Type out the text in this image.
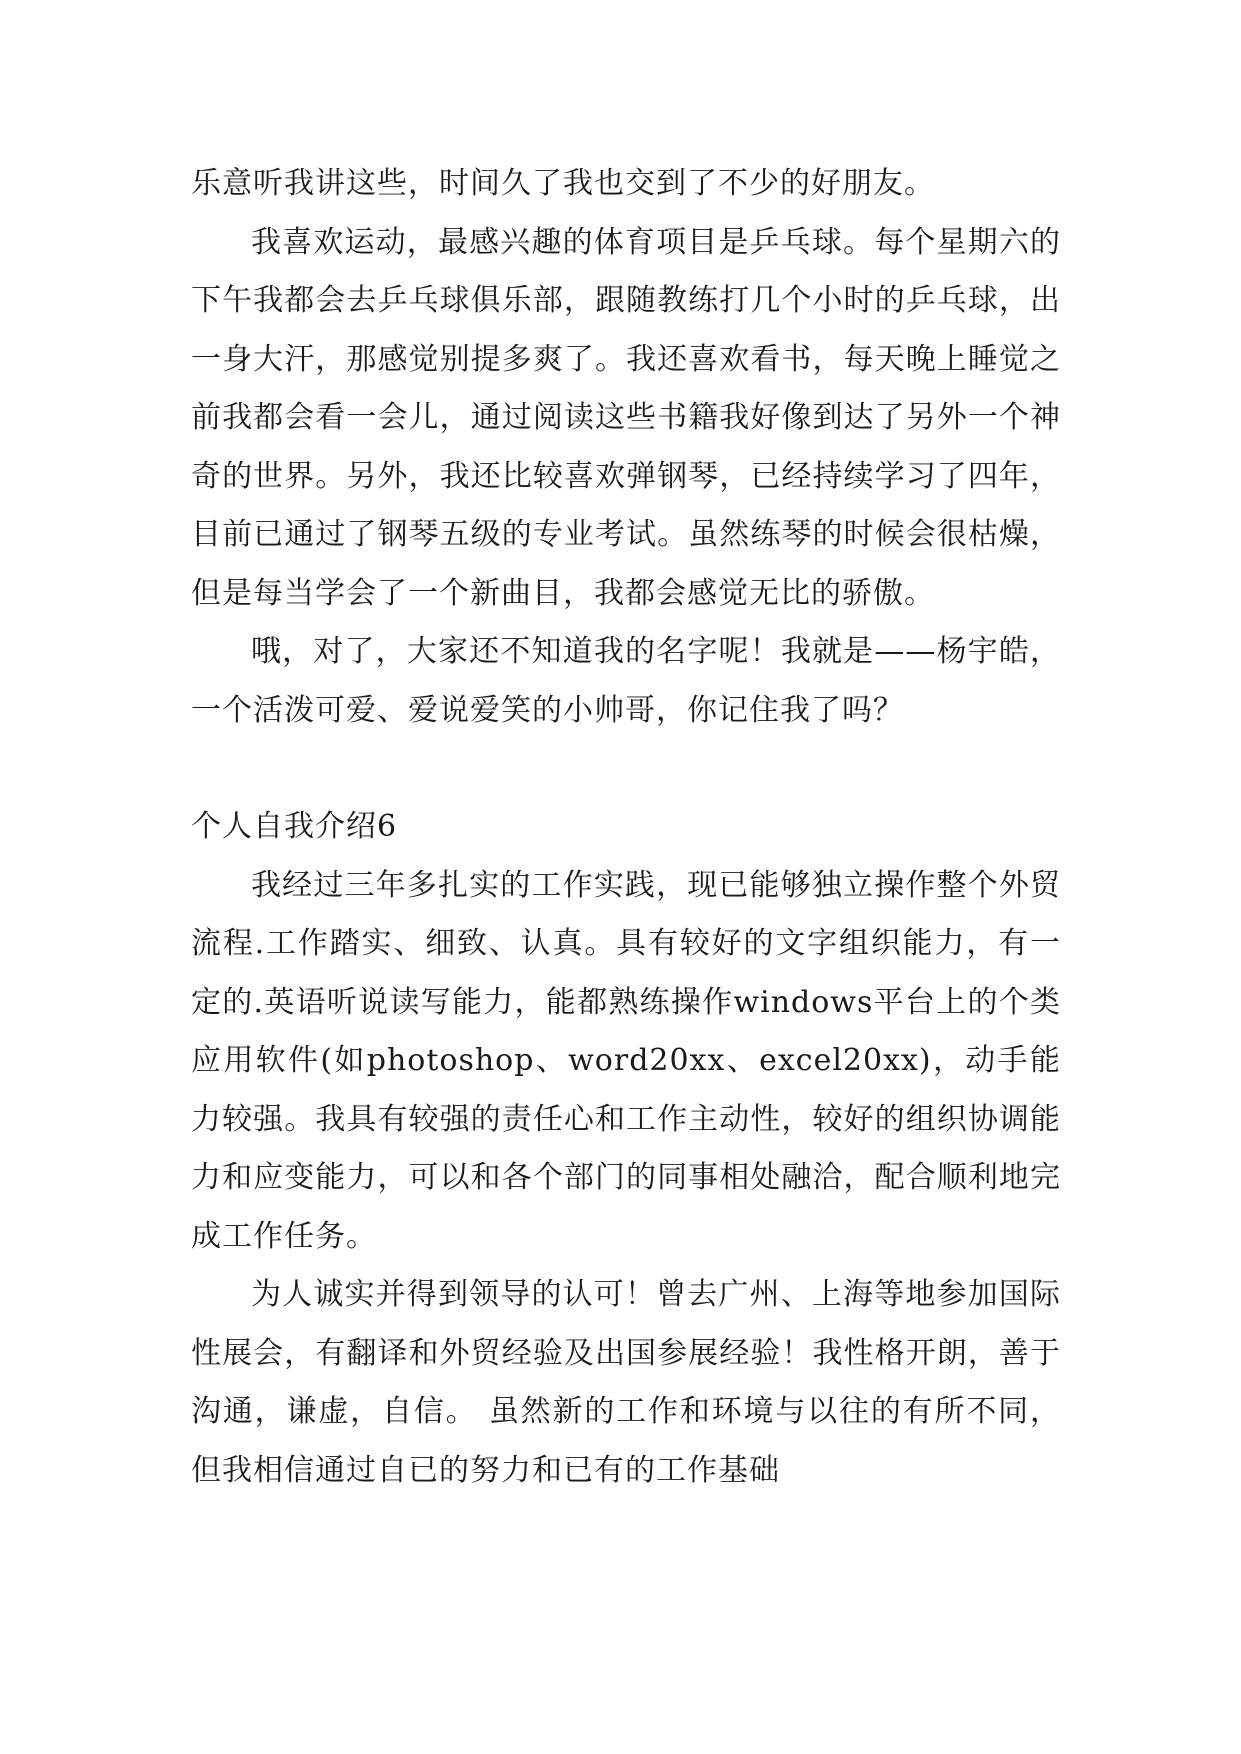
乐意听我讲这些，时间久了我也交到了不少的好朋友。

我喜欢运动，最感兴趣的体育项目是乒乓球。每个星期六的下午我都会去乒乓球俱乐部，跟随教练打几个小时的乒乓球，出一身大汗，那感觉别提多爽了。我还喜欢看书，每天晚上睡觉之前我都会看一会儿，通过阅读这些书籍我好像到达了另外一个神奇的世界。另外，我还比较喜欢弹钢琴，已经持续学习了四年，目前已通过了钢琴五级的专业考试。虽然练琴的时候会很枯燥，但是每当学会了一个新曲目，我都会感觉无比的骄傲。

哦，对了，大家还不知道我的名字呢！我就是——杨宇皓，一个活泼可爱、爱说爱笑的小帅哥，你记住我了吗？

个人自我介绍6

我经过三年多扎实的工作实践，现已能够独立操作整个外贸流程.工作踏实、细致、认真。具有较好的文字组织能力，有一定的.英语听说读写能力，能都熟练操作windows平台上的个类应用软件(如photoshop、word20xx、excel20xx)，动手能力较强。我具有较强的责任心和工作主动性，较好的组织协调能力和应变能力，可以和各个部门的同事相处融洽，配合顺利地完成工作任务。

为人诚实并得到领导的认可！曾去广州、上海等地参加国际性展会，有翻译和外贸经验及出国参展经验！我性格开朗，善于沟通，谦虚，自信。 虽然新的工作和环境与以往的有所不同，但我相信通过自已的努力和已有的工作基础
